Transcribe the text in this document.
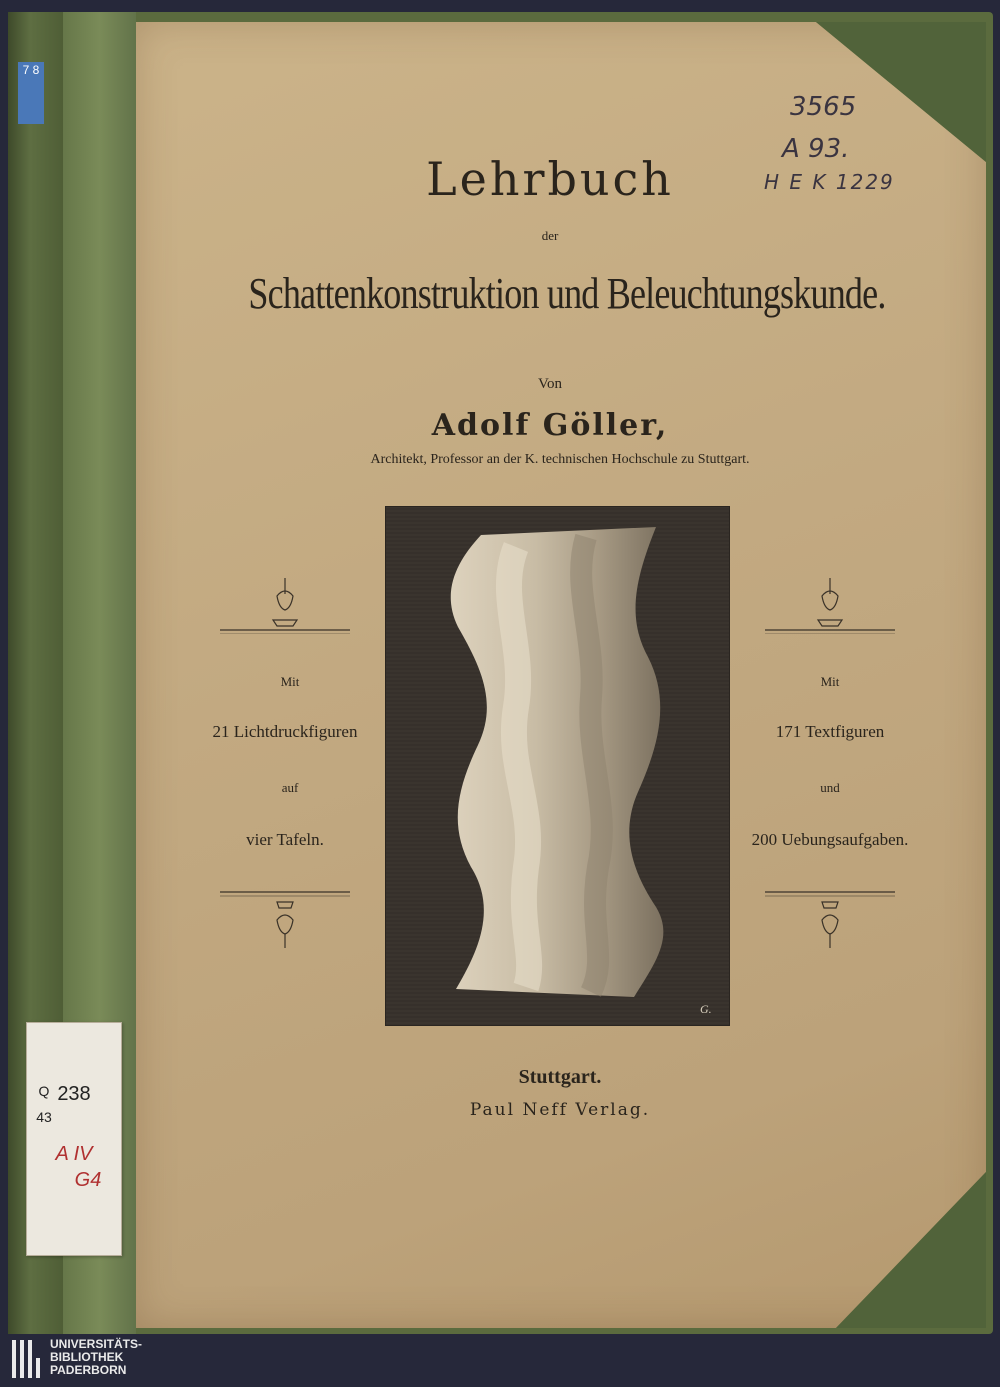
7 8
3565
A 93.
H E K 1229
Lehrbuch
der
Schattenkonstruktion und Beleuchtungskunde.
Von
Adolf Göller,
Architekt, Professor an der K. technischen Hochschule zu Stuttgart.
G.
Mit
21 Lichtdruckfiguren
auf
vier Tafeln.
Mit
171 Textfiguren
und
200 Uebungsaufgaben.
Stuttgart.
Paul Neff Verlag.
Q 238
43
A IV
G4
UNIVERSITÄTS-
BIBLIOTHEK
PADERBORN
